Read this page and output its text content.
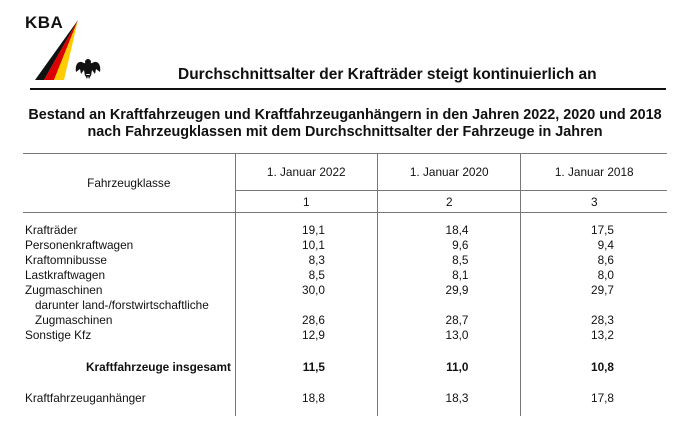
KBA
Durchschnittsalter der Krafträder steigt kontinuierlich an
Bestand an Kraftfahrzeugen und Kraftfahrzeuganhängern in den Jahren 2022, 2020 und 2018
nach Fahrzeugklassen mit dem Durchschnittsalter der Fahrzeuge in Jahren
Fahrzeugklasse	1. Januar 2022	1. Januar 2020	1. Januar 2018
	1	2	3

Krafträder	19,1	18,4	17,5
Personenkraftwagen	10,1	9,6	9,4
Kraftomnibusse	8,3	8,5	8,6
Lastkraftwagen	8,5	8,1	8,0
Zugmaschinen	30,0	29,9	29,7
darunter land-/forstwirtschaftliche			
Zugmaschinen	28,6	28,7	28,3
Sonstige Kfz	12,9	13,0	13,2

Kraftfahrzeuge insgesamt	11,5	11,0	10,8

Kraftfahrzeuganhänger	18,8	18,3	17,8
